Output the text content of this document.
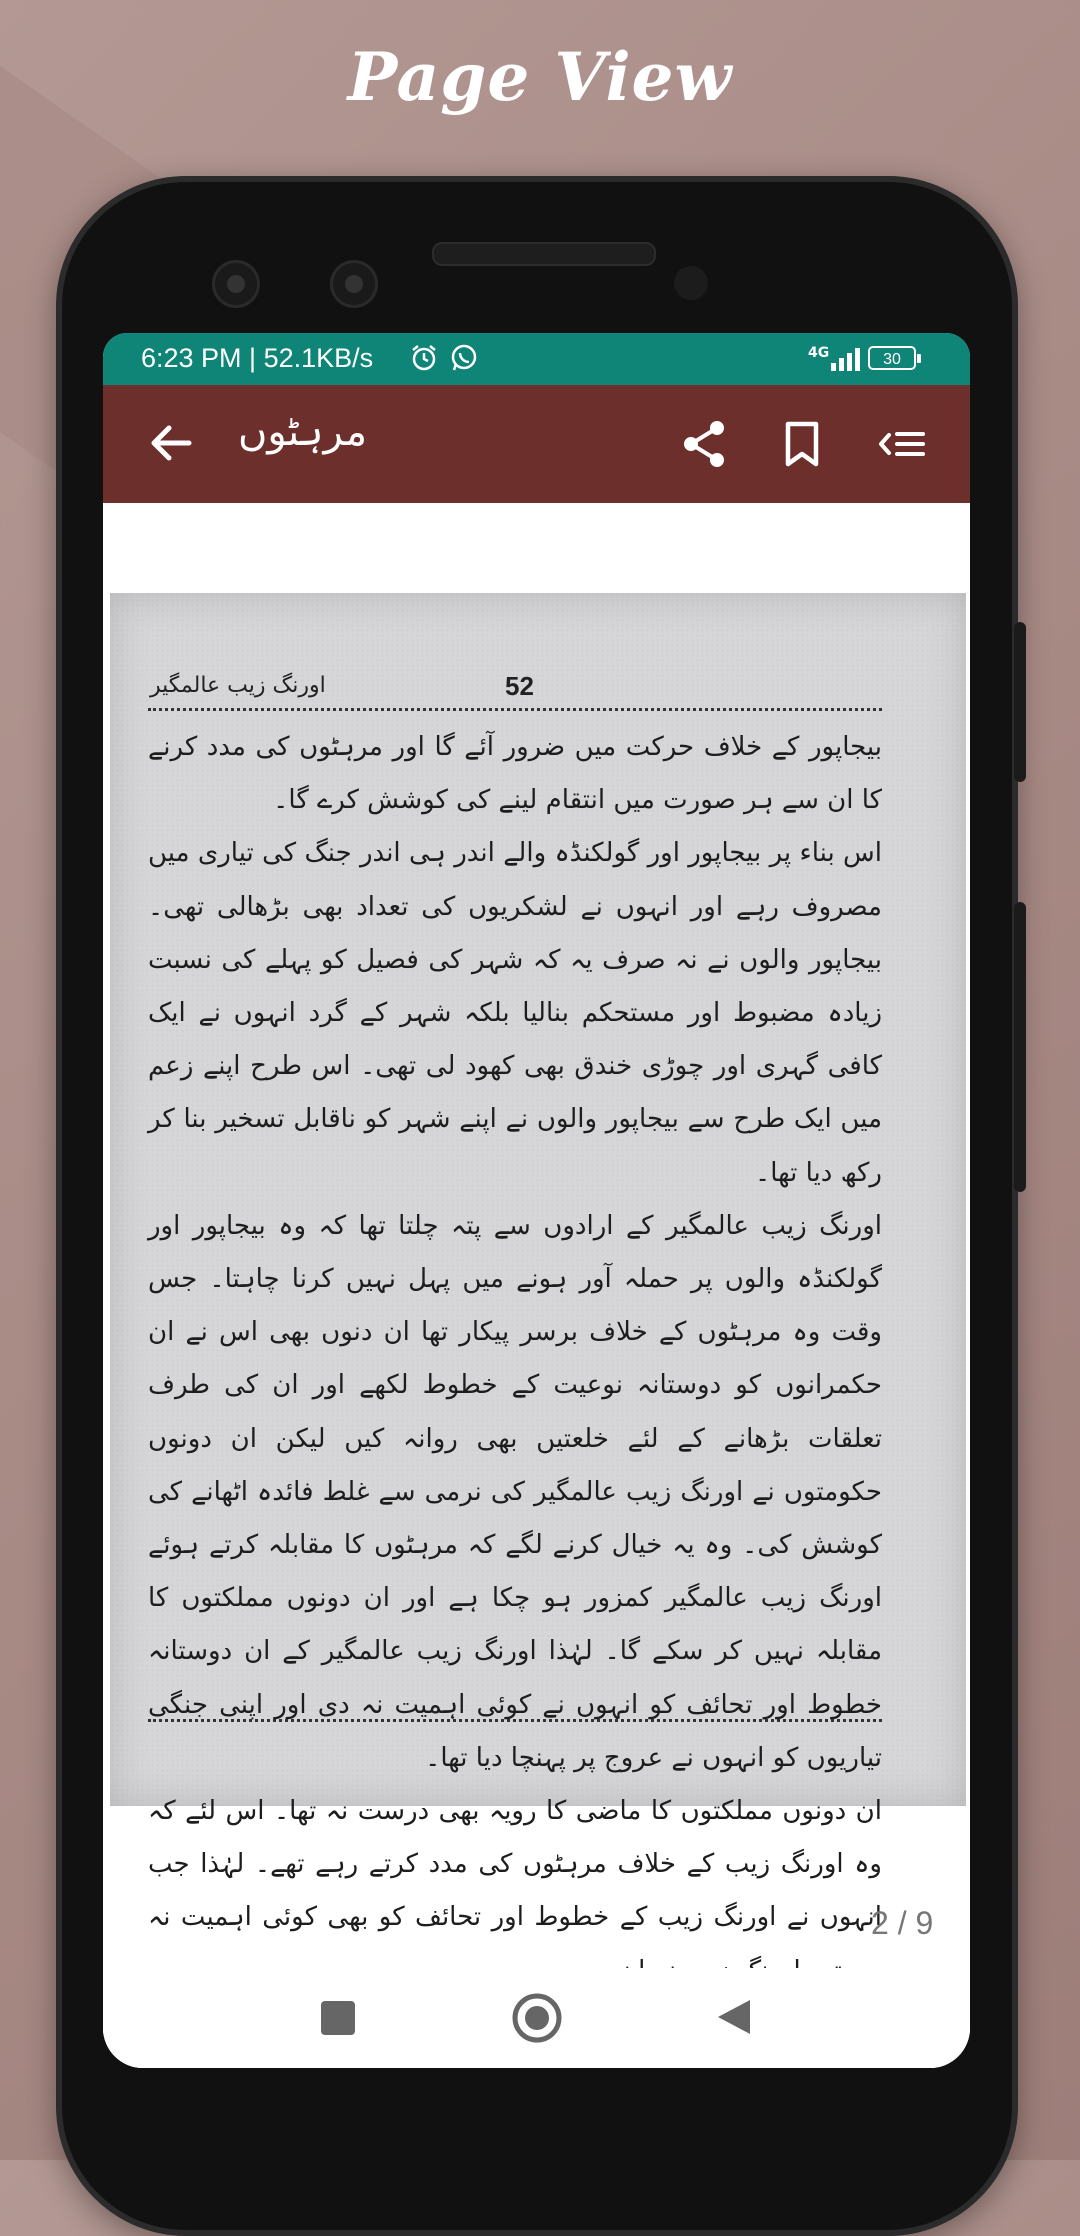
Page View
6:23 PM | 52.1KB/s	4G	30
مرہٹوں
اورنگ زیب عالمگیر	52

بیجاپور کے خلاف حرکت میں ضرور آئے گا اور مرہٹوں کی مدد کرنے کا ان سے ہر صورت میں انتقام لینے کی کوشش کرے گا۔

اس بناء پر بیجاپور اور گولکنڈہ والے اندر ہی اندر جنگ کی تیاری میں مصروف رہے اور انہوں نے لشکریوں کی تعداد بھی بڑھالی تھی۔ بیجاپور والوں نے نہ صرف یہ کہ شہر کی فصیل کو پہلے کی نسبت زیادہ مضبوط اور مستحکم بنالیا بلکہ شہر کے گرد انہوں نے ایک کافی گہری اور چوڑی خندق بھی کھود لی تھی۔ اس طرح اپنے زعم میں ایک طرح سے بیجاپور والوں نے اپنے شہر کو ناقابل تسخیر بنا کر رکھ دیا تھا۔

اورنگ زیب عالمگیر کے ارادوں سے پتہ چلتا تھا کہ وہ بیجاپور اور گولکنڈہ والوں پر حملہ آور ہونے میں پہل نہیں کرنا چاہتا۔ جس وقت وہ مرہٹوں کے خلاف برسر پیکار تھا ان دنوں بھی اس نے ان حکمرانوں کو دوستانہ نوعیت کے خطوط لکھے اور ان کی طرف تعلقات بڑھانے کے لئے خلعتیں بھی روانہ کیں لیکن ان دونوں حکومتوں نے اورنگ زیب عالمگیر کی نرمی سے غلط فائدہ اٹھانے کی کوشش کی۔ وہ یہ خیال کرنے لگے کہ مرہٹوں کا مقابلہ کرتے ہوئے اورنگ زیب عالمگیر کمزور ہو چکا ہے اور ان دونوں مملکتوں کا مقابلہ نہیں کر سکے گا۔ لہٰذا اورنگ زیب عالمگیر کے ان دوستانہ خطوط اور تحائف کو انہوں نے کوئی اہمیت نہ دی اور اپنی جنگی تیاریوں کو انہوں نے عروج پر پہنچا دیا تھا۔

ان دونوں مملکتوں کا ماضی کا رویہ بھی درست نہ تھا۔ اس لئے کہ وہ اورنگ زیب کے خلاف مرہٹوں کی مدد کرتے رہے تھے۔ لہٰذا جب انہوں نے اورنگ زیب کے خطوط اور تحائف کو بھی کوئی اہمیت نہ	2 / 9
